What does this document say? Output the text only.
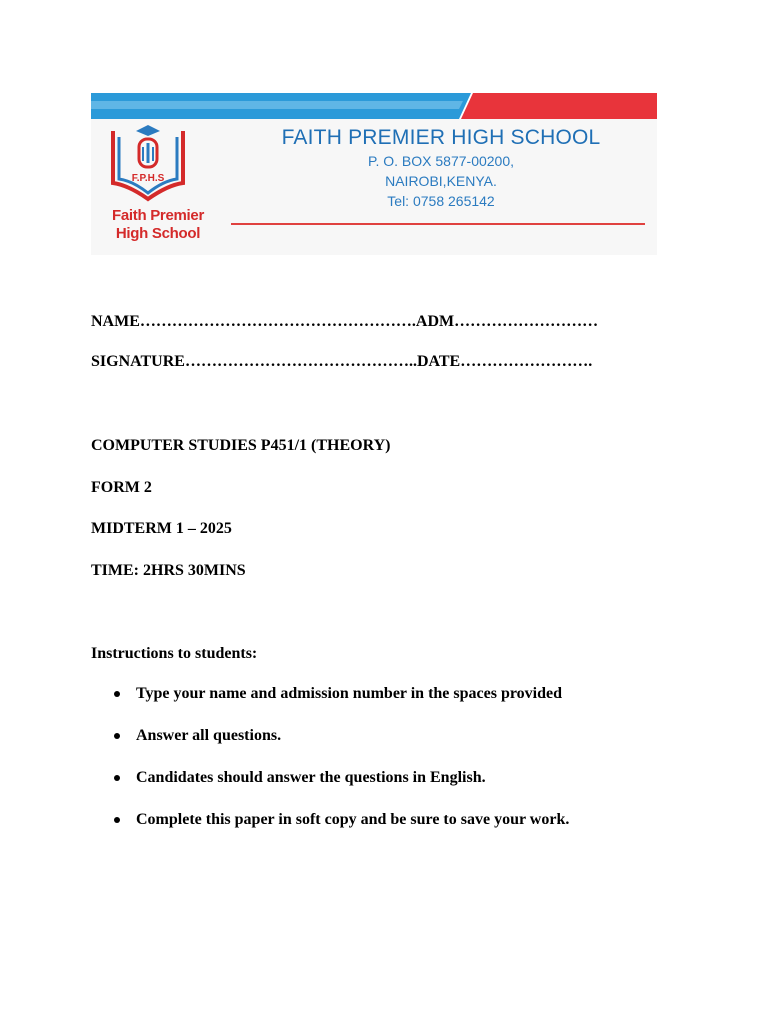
F.P.H.S
Faith Premier
High School
FAITH PREMIER HIGH SCHOOL
P. O. BOX 5877-00200,
NAIROBI,KENYA.
Tel: 0758 265142
NAME…………………………………………….ADM………………………
SIGNATURE……………………………………..DATE…………………….
COMPUTER STUDIES P451/1 (THEORY)
FORM 2
MIDTERM 1 – 2025
TIME: 2HRS 30MINS
Instructions to students:
Type your name and admission number in the spaces provided
Answer all questions.
Candidates should answer the questions in English.
Complete this paper in soft copy and be sure to save your work.
